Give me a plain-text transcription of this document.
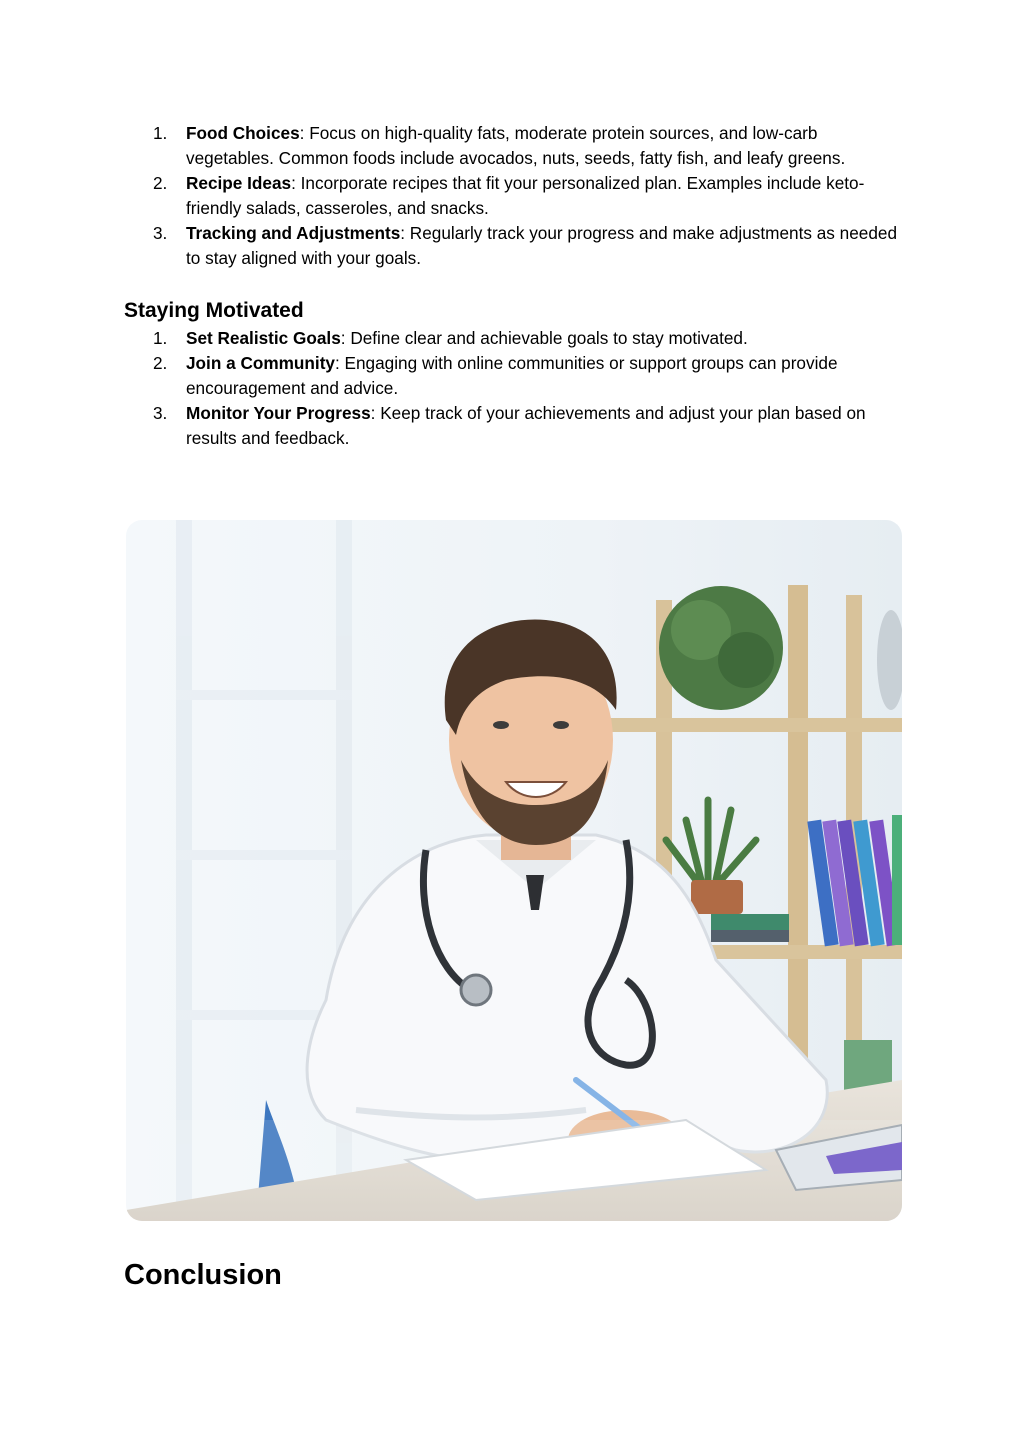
1. Food Choices: Focus on high-quality fats, moderate protein sources, and low-carb vegetables. Common foods include avocados, nuts, seeds, fatty fish, and leafy greens.
2. Recipe Ideas: Incorporate recipes that fit your personalized plan. Examples include keto-friendly salads, casseroles, and snacks.
3. Tracking and Adjustments: Regularly track your progress and make adjustments as needed to stay aligned with your goals.
Staying Motivated
1. Set Realistic Goals: Define clear and achievable goals to stay motivated.
2. Join a Community: Engaging with online communities or support groups can provide encouragement and advice.
3. Monitor Your Progress: Keep track of your achievements and adjust your plan based on results and feedback.
Conclusion
